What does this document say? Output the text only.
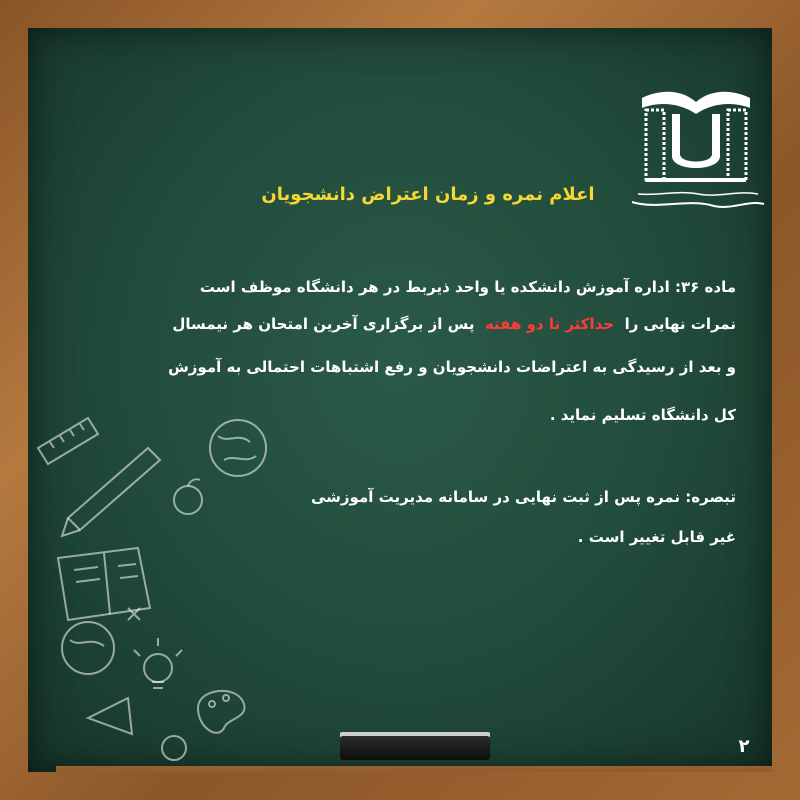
اعلام نمره و زمان اعتراض دانشجویان
ماده ۳۶: اداره آموزش دانشکده یا واحد ذیربط در هر دانشگاه موظف است
نمرات نهایی را  حداکثر تا دو هفته  پس از برگزاری آخرین امتحان هر نیمسال
و بعد از رسیدگی به اعتراضات دانشجویان و رفع اشتباهات احتمالی به آموزش
کل دانشگاه تسلیم نماید .
تبصره: نمره پس از ثبت نهایی در سامانه مدیریت آموزشی
غیر قابل تغییر است .
۲
